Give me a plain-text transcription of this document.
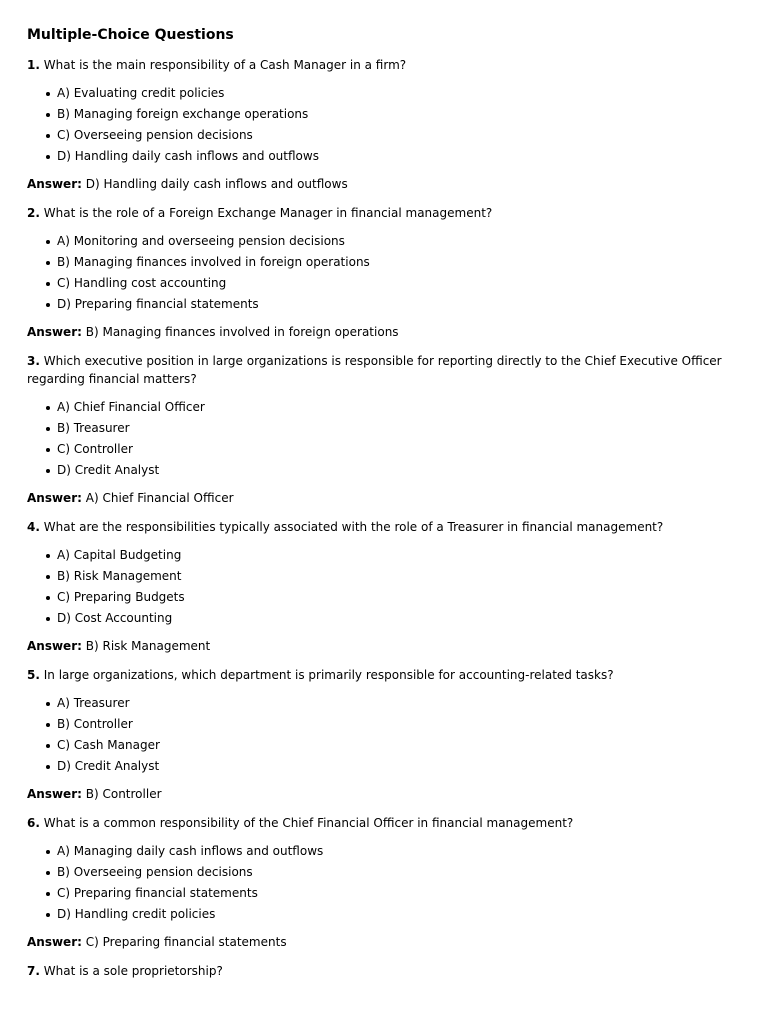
Multiple-Choice Questions
1. What is the main responsibility of a Cash Manager in a firm?
A) Evaluating credit policies
B) Managing foreign exchange operations
C) Overseeing pension decisions
D) Handling daily cash inflows and outflows
Answer: D) Handling daily cash inflows and outflows
2. What is the role of a Foreign Exchange Manager in financial management?
A) Monitoring and overseeing pension decisions
B) Managing finances involved in foreign operations
C) Handling cost accounting
D) Preparing financial statements
Answer: B) Managing finances involved in foreign operations
3. Which executive position in large organizations is responsible for reporting directly to the Chief Executive Officer regarding financial matters?
A) Chief Financial Officer
B) Treasurer
C) Controller
D) Credit Analyst
Answer: A) Chief Financial Officer
4. What are the responsibilities typically associated with the role of a Treasurer in financial management?
A) Capital Budgeting
B) Risk Management
C) Preparing Budgets
D) Cost Accounting
Answer: B) Risk Management
5. In large organizations, which department is primarily responsible for accounting-related tasks?
A) Treasurer
B) Controller
C) Cash Manager
D) Credit Analyst
Answer: B) Controller
6. What is a common responsibility of the Chief Financial Officer in financial management?
A) Managing daily cash inflows and outflows
B) Overseeing pension decisions
C) Preparing financial statements
D) Handling credit policies
Answer: C) Preparing financial statements
7. What is a sole proprietorship?
